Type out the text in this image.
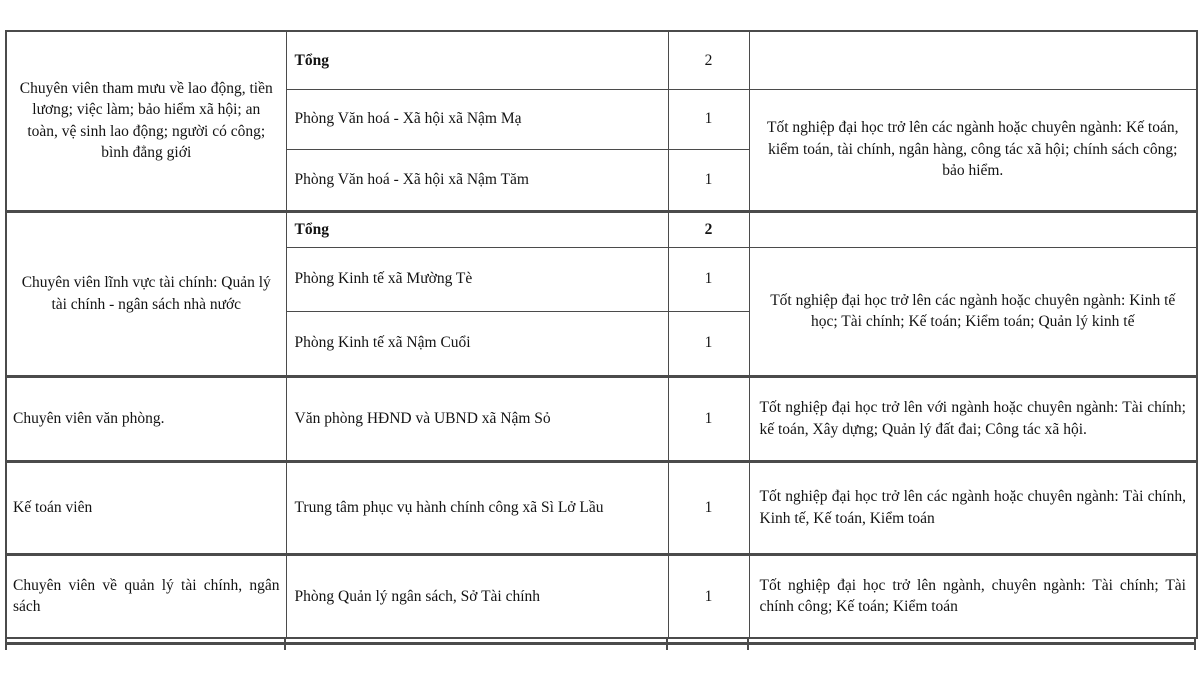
Chuyên viên tham mưu về lao động, tiền lương; việc làm; bảo hiểm xã hội; an toàn, vệ sinh lao động; người có công; bình đẳng giới	Tổng	2	
	Phòng Văn hoá - Xã hội xã Nậm Mạ	1	Tốt nghiệp đại học trở lên các ngành hoặc chuyên ngành: Kế toán, kiểm toán, tài chính, ngân hàng, công tác xã hội; chính sách công; bảo hiểm.
	Phòng Văn hoá - Xã hội xã Nậm Tăm	1	
Chuyên viên lĩnh vực tài chính: Quản lý tài chính - ngân sách nhà nước	Tổng	2	
	Phòng Kinh tế xã Mường Tè	1	Tốt nghiệp đại học trở lên các ngành hoặc chuyên ngành: Kinh tế học; Tài chính; Kế toán; Kiểm toán; Quản lý kinh tế
	Phòng Kinh tế xã Nậm Cuổi	1	
Chuyên viên văn phòng.	Văn phòng HĐND và UBND xã Nậm Sỏ	1	Tốt nghiệp đại học trở lên với ngành hoặc chuyên ngành: Tài chính; kế toán, Xây dựng; Quản lý đất đai; Công tác xã hội.
Kế toán viên	Trung tâm phục vụ hành chính công xã Sì Lở Lầu	1	Tốt nghiệp đại học trở lên các ngành hoặc chuyên ngành: Tài chính, Kinh tế, Kế toán, Kiểm toán
Chuyên viên về quản lý tài chính, ngân sách	Phòng Quản lý ngân sách, Sở Tài chính	1	Tốt nghiệp đại học trở lên ngành, chuyên ngành: Tài chính; Tài chính công; Kế toán; Kiểm toán
